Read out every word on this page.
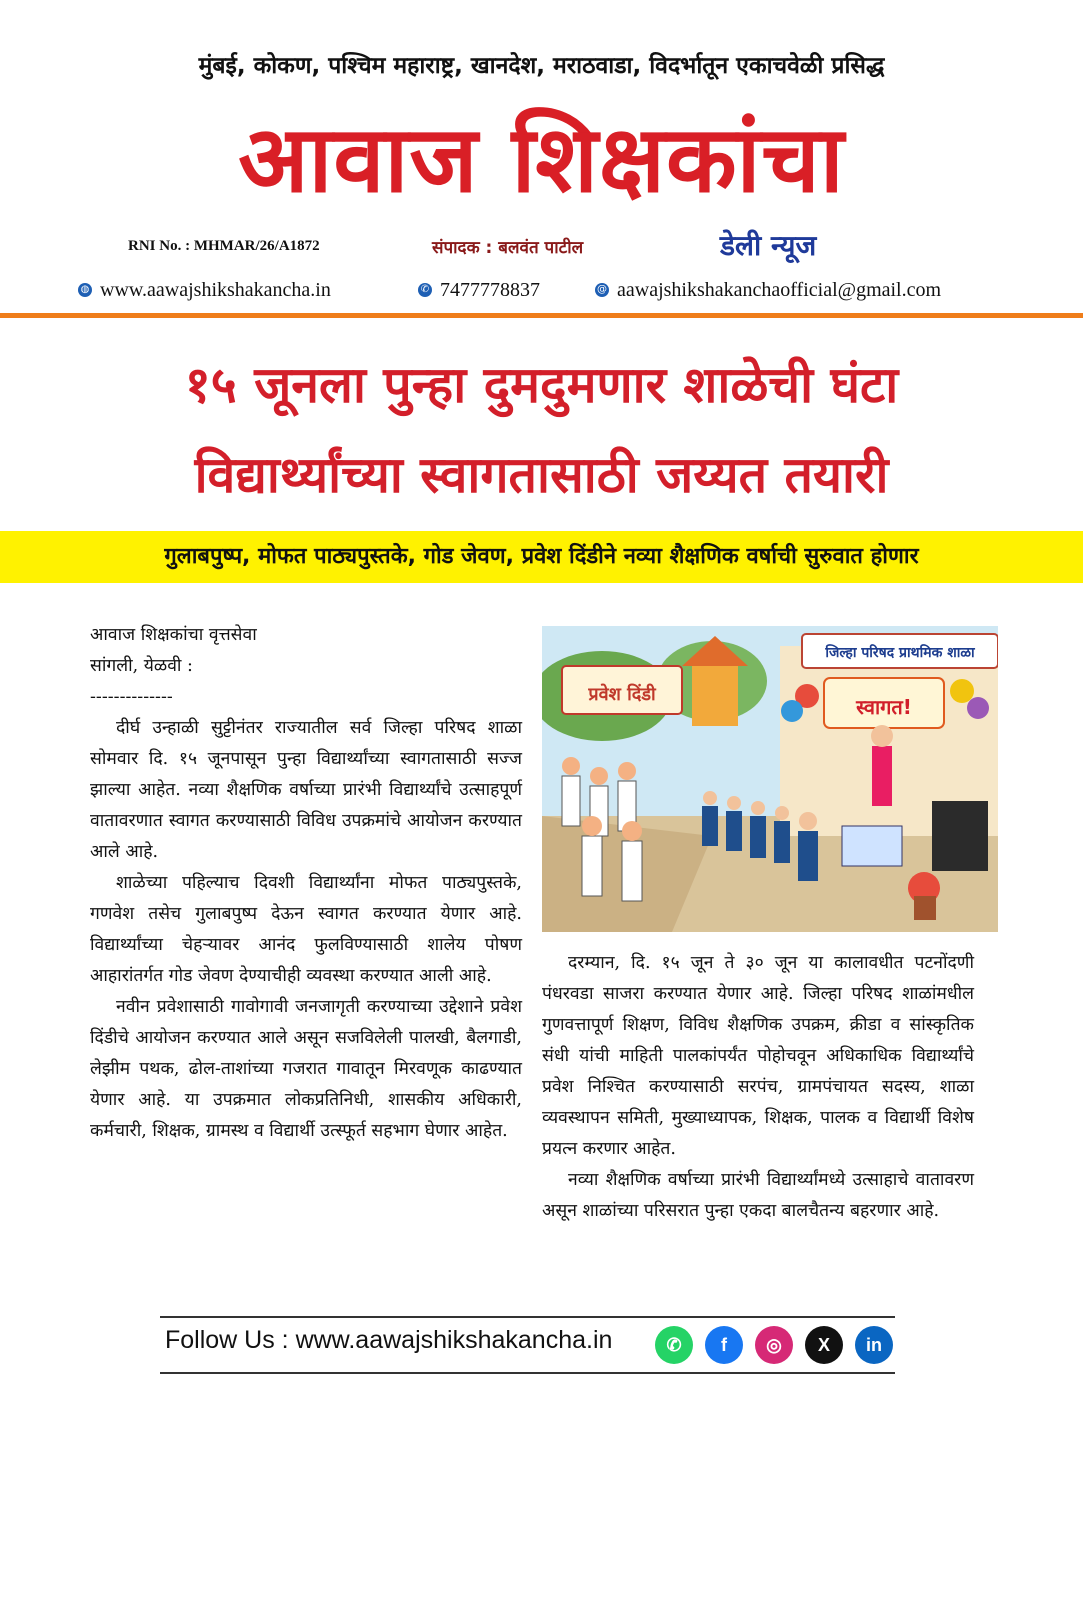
मुंबई, कोकण, पश्चिम महाराष्ट्र, खानदेश, मराठवाडा, विदर्भातून एकाचवेळी प्रसिद्ध
आवाज शिक्षकांचा
RNI No. : MHMAR/26/A1872	संपादक : बलवंत पाटील	डेली न्यूज
◍ www.aawajshikshakancha.in	✆ 7477778837	@ aawajshikshakanchaofficial@gmail.com
१५ जूनला पुन्हा दुमदुमणार शाळेची घंटा
विद्यार्थ्यांच्या स्वागतासाठी जय्यत तयारी
गुलाबपुष्प, मोफत पाठ्यपुस्तके, गोड जेवण, प्रवेश दिंडीने नव्या शैक्षणिक वर्षाची सुरुवात होणार

आवाज शिक्षकांचा वृत्तसेवा

सांगली, येळवी :

--------------

दीर्घ उन्हाळी सुट्टीनंतर राज्यातील सर्व जिल्हा परिषद शाळा सोमवार दि. १५ जूनपासून पुन्हा विद्यार्थ्यांच्या स्वागतासाठी सज्ज झाल्या आहेत. नव्या शैक्षणिक वर्षाच्या प्रारंभी विद्यार्थ्यांचे उत्साहपूर्ण वातावरणात स्वागत करण्यासाठी विविध उपक्रमांचे आयोजन करण्यात आले आहे.

शाळेच्या पहिल्याच दिवशी विद्यार्थ्यांना मोफत पाठ्यपुस्तके, गणवेश तसेच गुलाबपुष्प देऊन स्वागत करण्यात येणार आहे. विद्यार्थ्यांच्या चेहऱ्यावर आनंद फुलविण्यासाठी शालेय पोषण आहारांतर्गत गोड जेवण देण्याचीही व्यवस्था करण्यात आली आहे.

नवीन प्रवेशासाठी गावोगावी जनजागृती करण्याच्या उद्देशाने प्रवेश दिंडीचे आयोजन करण्यात आले असून सजविलेली पालखी, बैलगाडी, लेझीम पथक, ढोल-ताशांच्या गजरात गावातून मिरवणूक काढण्यात येणार आहे. या उपक्रमात लोकप्रतिनिधी, शासकीय अधिकारी, कर्मचारी, शिक्षक, ग्रामस्थ व विद्यार्थी उत्स्फूर्त सहभाग घेणार आहेत.

जिल्हा परिषद प्राथमिक शाळा
स्वागत!
प्रवेश दिंडी

दरम्यान, दि. १५ जून ते ३० जून या कालावधीत पटनोंदणी पंधरवडा साजरा करण्यात येणार आहे. जिल्हा परिषद शाळांमधील गुणवत्तापूर्ण शिक्षण, विविध शैक्षणिक उपक्रम, क्रीडा व सांस्कृतिक संधी यांची माहिती पालकांपर्यंत पोहोचवून अधिकाधिक विद्यार्थ्यांचे प्रवेश निश्चित करण्यासाठी सरपंच, ग्रामपंचायत सदस्य, शाळा व्यवस्थापन समिती, मुख्याध्यापक, शिक्षक, पालक व विद्यार्थी विशेष प्रयत्न करणार आहेत.

नव्या शैक्षणिक वर्षाच्या प्रारंभी विद्यार्थ्यांमध्ये उत्साहाचे वातावरण असून शाळांच्या परिसरात पुन्हा एकदा बालचैतन्य बहरणार आहे.

Follow Us : www.aawajshikshakancha.in	✆	f	◎	X	in
